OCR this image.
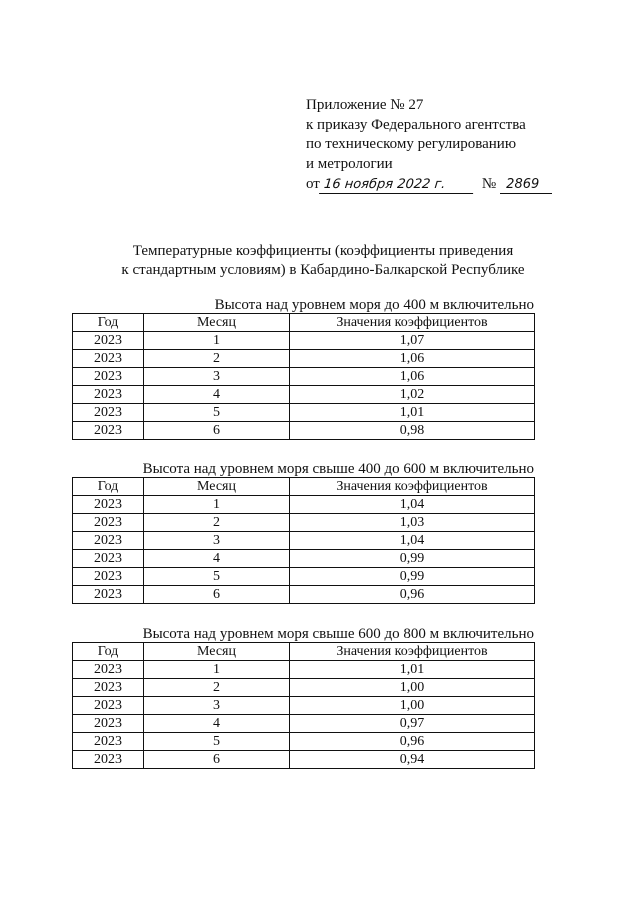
Приложение № 27
к приказу Федерального агентства
по техническому регулированию
и метрологии
от 16 ноября 2022 г.	№ 2869
Температурные коэффициенты (коэффициенты приведения
к стандартным условиям) в Кабардино-Балкарской Республике
Высота над уровнем моря до 400 м включительно
Год	Месяц	Значения коэффициентов
2023	1	1,07
2023	2	1,06
2023	3	1,06
2023	4	1,02
2023	5	1,01
2023	6	0,98
Высота над уровнем моря свыше 400 до 600 м включительно
Год	Месяц	Значения коэффициентов
2023	1	1,04
2023	2	1,03
2023	3	1,04
2023	4	0,99
2023	5	0,99
2023	6	0,96
Высота над уровнем моря свыше 600 до 800 м включительно
Год	Месяц	Значения коэффициентов
2023	1	1,01
2023	2	1,00
2023	3	1,00
2023	4	0,97
2023	5	0,96
2023	6	0,94
